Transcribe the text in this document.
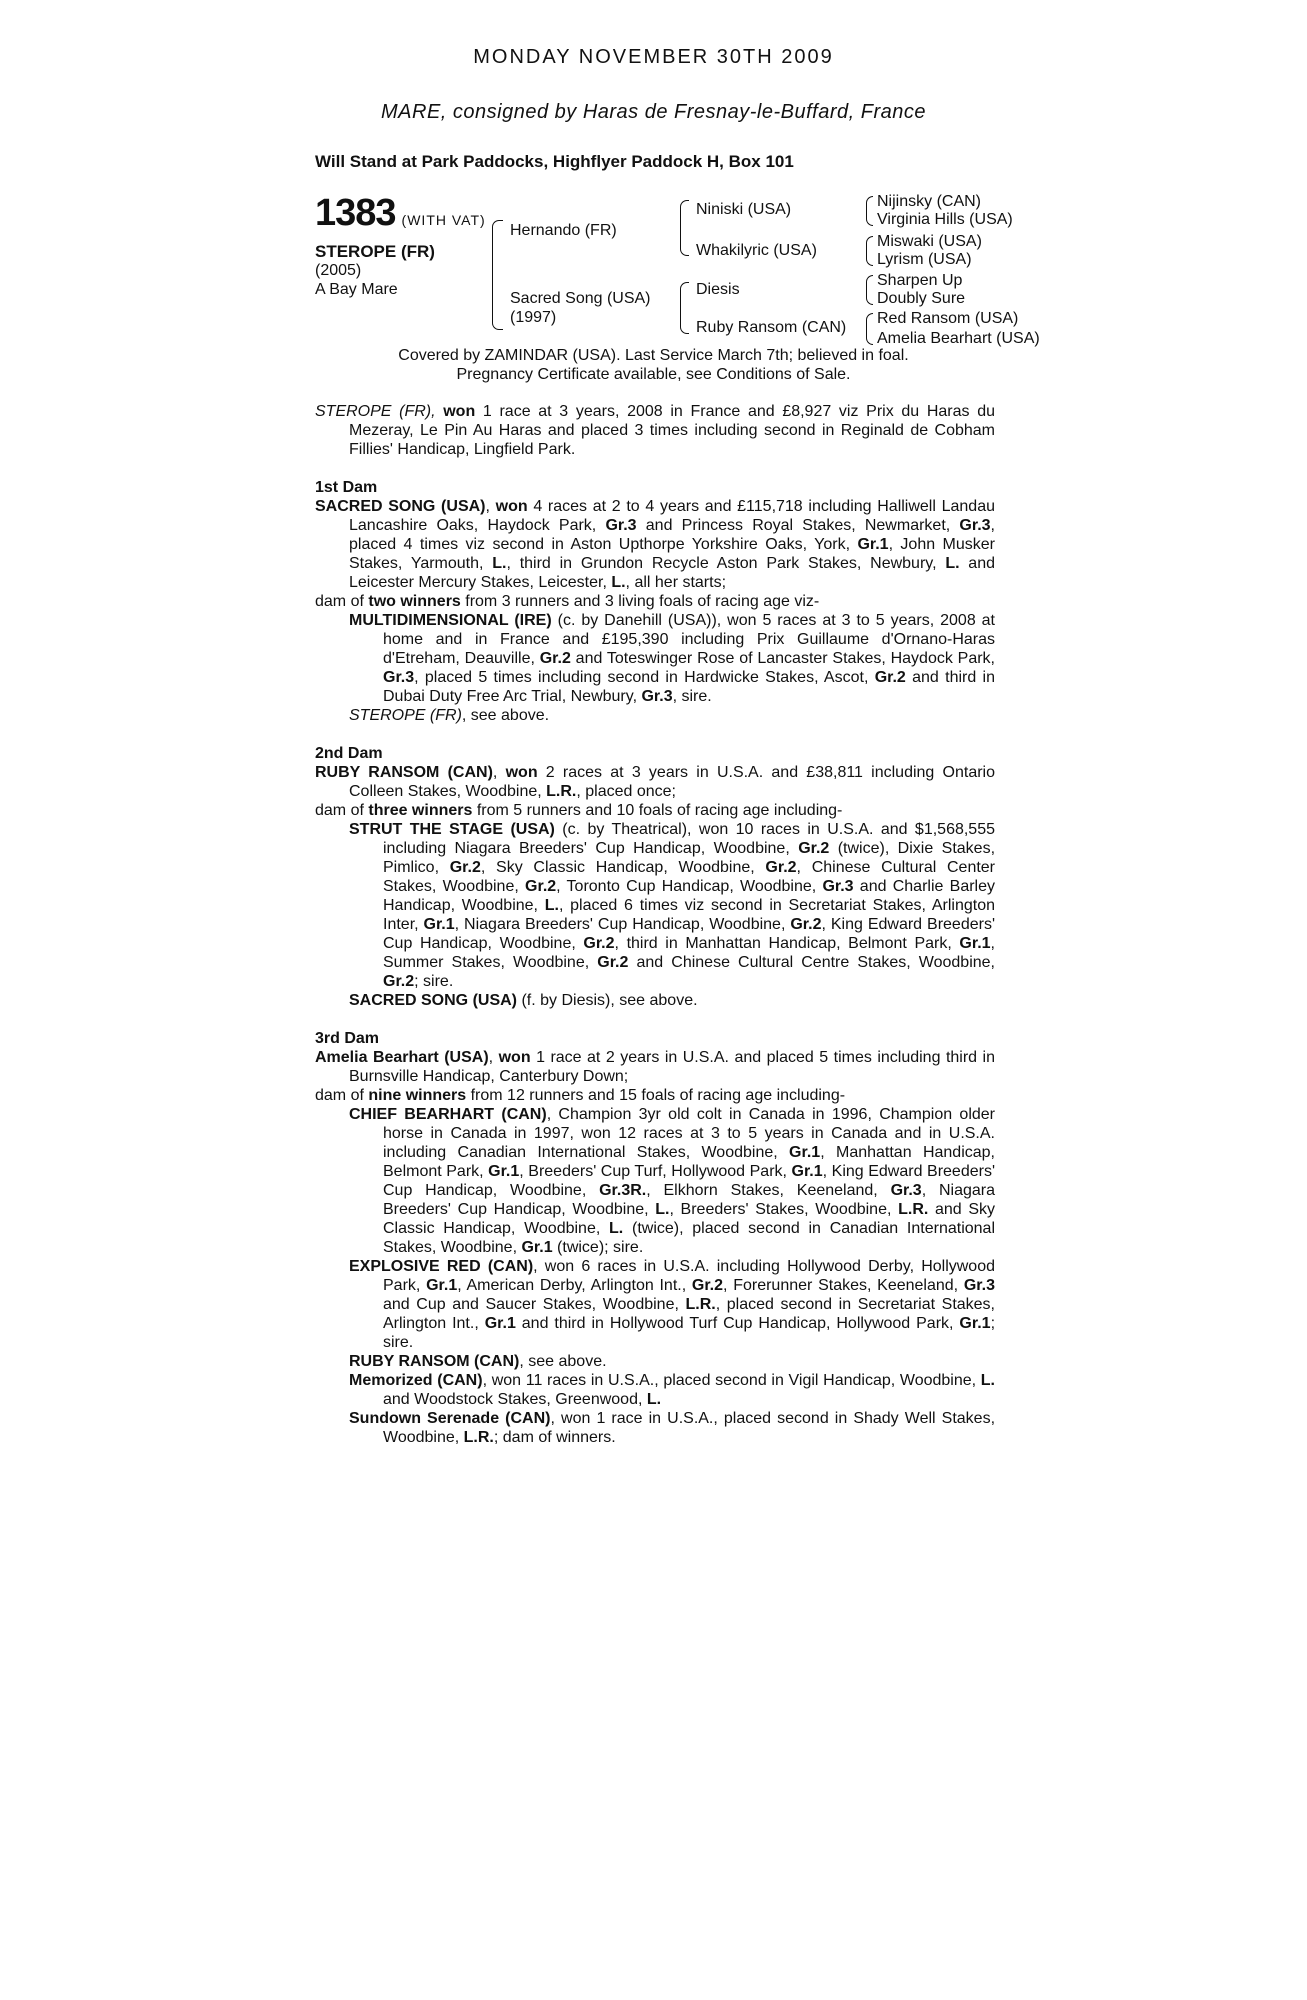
MONDAY NOVEMBER 30TH 2009
MARE, consigned by Haras de Fresnay-le-Buffard, France
Will Stand at Park Paddocks, Highflyer Paddock H, Box 101
1383 (WITH VAT)
STEROPE (FR)
(2005)
A Bay Mare
Hernando (FR)
Sacred Song (USA)
(1997)
Niniski (USA)
Whakilyric (USA)
Diesis
Ruby Ransom (CAN)
Nijinsky (CAN)
Virginia Hills (USA)
Miswaki (USA)
Lyrism (USA)
Sharpen Up
Doubly Sure
Red Ransom (USA)
Amelia Bearhart (USA)
Covered by ZAMINDAR (USA). Last Service March 7th; believed in foal.
Pregnancy Certificate available, see Conditions of Sale.

STEROPE (FR), won 1 race at 3 years, 2008 in France and £8,927 viz Prix du Haras du Mezeray, Le Pin Au Haras and placed 3 times including second in Reginald de Cobham Fillies' Handicap, Lingfield Park.

1st Dam

SACRED SONG (USA), won 4 races at 2 to 4 years and £115,718 including Halliwell Landau Lancashire Oaks, Haydock Park, Gr.3 and Princess Royal Stakes, Newmarket, Gr.3, placed 4 times viz second in Aston Upthorpe Yorkshire Oaks, York, Gr.1, John Musker Stakes, Yarmouth, L., third in Grundon Recycle Aston Park Stakes, Newbury, L. and Leicester Mercury Stakes, Leicester, L., all her starts;

dam of two winners from 3 runners and 3 living foals of racing age viz-

MULTIDIMENSIONAL (IRE) (c. by Danehill (USA)), won 5 races at 3 to 5 years, 2008 at home and in France and £195,390 including Prix Guillaume d'Ornano-Haras d'Etreham, Deauville, Gr.2 and Toteswinger Rose of Lancaster Stakes, Haydock Park, Gr.3, placed 5 times including second in Hardwicke Stakes, Ascot, Gr.2 and third in Dubai Duty Free Arc Trial, Newbury, Gr.3, sire.

STEROPE (FR), see above.

2nd Dam

RUBY RANSOM (CAN), won 2 races at 3 years in U.S.A. and £38,811 including Ontario Colleen Stakes, Woodbine, L.R., placed once;

dam of three winners from 5 runners and 10 foals of racing age including-

STRUT THE STAGE (USA) (c. by Theatrical), won 10 races in U.S.A. and $1,568,555 including Niagara Breeders' Cup Handicap, Woodbine, Gr.2 (twice), Dixie Stakes, Pimlico, Gr.2, Sky Classic Handicap, Woodbine, Gr.2, Chinese Cultural Center Stakes, Woodbine, Gr.2, Toronto Cup Handicap, Woodbine, Gr.3 and Charlie Barley Handicap, Woodbine, L., placed 6 times viz second in Secretariat Stakes, Arlington Inter, Gr.1, Niagara Breeders' Cup Handicap, Woodbine, Gr.2, King Edward Breeders' Cup Handicap, Woodbine, Gr.2, third in Manhattan Handicap, Belmont Park, Gr.1, Summer Stakes, Woodbine, Gr.2 and Chinese Cultural Centre Stakes, Woodbine, Gr.2; sire.

SACRED SONG (USA) (f. by Diesis), see above.

3rd Dam

Amelia Bearhart (USA), won 1 race at 2 years in U.S.A. and placed 5 times including third in Burnsville Handicap, Canterbury Down;

dam of nine winners from 12 runners and 15 foals of racing age including-

CHIEF BEARHART (CAN), Champion 3yr old colt in Canada in 1996, Champion older horse in Canada in 1997, won 12 races at 3 to 5 years in Canada and in U.S.A. including Canadian International Stakes, Woodbine, Gr.1, Manhattan Handicap, Belmont Park, Gr.1, Breeders' Cup Turf, Hollywood Park, Gr.1, King Edward Breeders' Cup Handicap, Woodbine, Gr.3R., Elkhorn Stakes, Keeneland, Gr.3, Niagara Breeders' Cup Handicap, Woodbine, L., Breeders' Stakes, Woodbine, L.R. and Sky Classic Handicap, Woodbine, L. (twice), placed second in Canadian International Stakes, Woodbine, Gr.1 (twice); sire.

EXPLOSIVE RED (CAN), won 6 races in U.S.A. including Hollywood Derby, Hollywood Park, Gr.1, American Derby, Arlington Int., Gr.2, Forerunner Stakes, Keeneland, Gr.3 and Cup and Saucer Stakes, Woodbine, L.R., placed second in Secretariat Stakes, Arlington Int., Gr.1 and third in Hollywood Turf Cup Handicap, Hollywood Park, Gr.1; sire.

RUBY RANSOM (CAN), see above.

Memorized (CAN), won 11 races in U.S.A., placed second in Vigil Handicap, Woodbine, L. and Woodstock Stakes, Greenwood, L.

Sundown Serenade (CAN), won 1 race in U.S.A., placed second in Shady Well Stakes, Woodbine, L.R.; dam of winners.
